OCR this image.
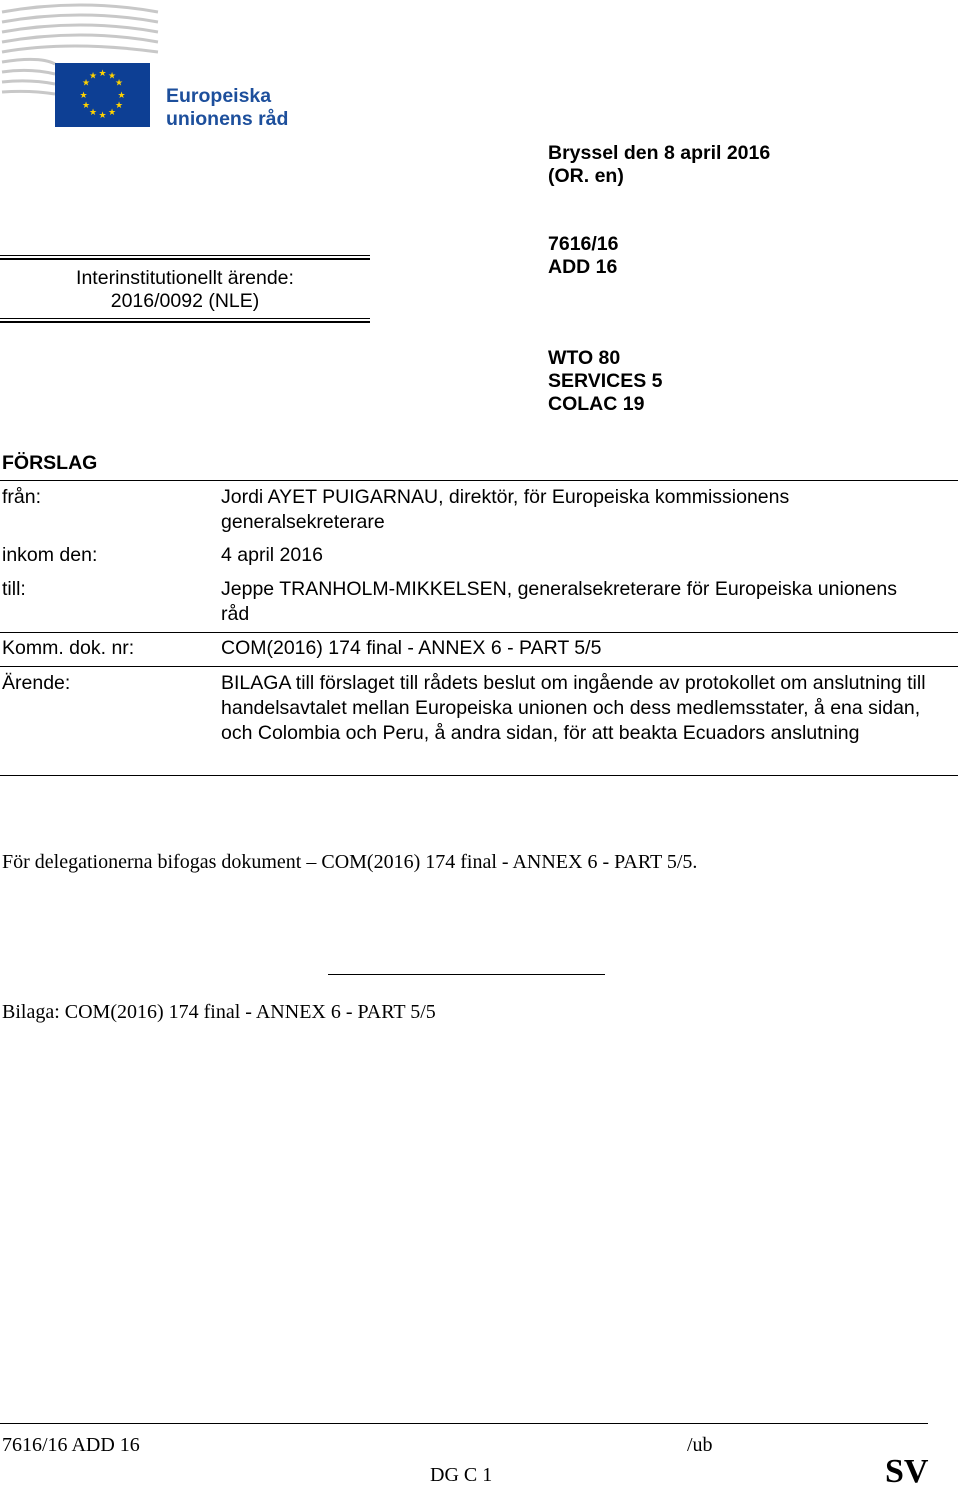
★ ★
★
★
★
★
★
★
★
★
★
★
Europeiska
unionens råd
Bryssel den 8 april 2016
(OR. en)
Interinstitutionellt ärende:
2016/0092 (NLE)
7616/16
ADD 16
WTO 80
SERVICES 5
COLAC 19
FÖRSLAG
från:	Jordi AYET PUIGARNAU, direktör, för Europeiska kommissionens generalsekreterare
inkom den:	4 april 2016
till:	Jeppe TRANHOLM-MIKKELSEN, generalsekreterare för Europeiska unionens råd
Komm. dok. nr:	COM(2016) 174 final - ANNEX 6 - PART 5/5
Ärende:	BILAGA till förslaget till rådets beslut om ingående av protokollet om anslutning till handelsavtalet mellan Europeiska unionen och dess medlemsstater, å ena sidan, och Colombia och Peru, å andra sidan, för att beakta Ecuadors anslutning
För delegationerna bifogas dokument – COM(2016) 174 final - ANNEX 6 - PART 5/5.
Bilaga: COM(2016) 174 final - ANNEX 6 - PART 5/5
7616/16 ADD 16	/ub
DG C 1	SV
